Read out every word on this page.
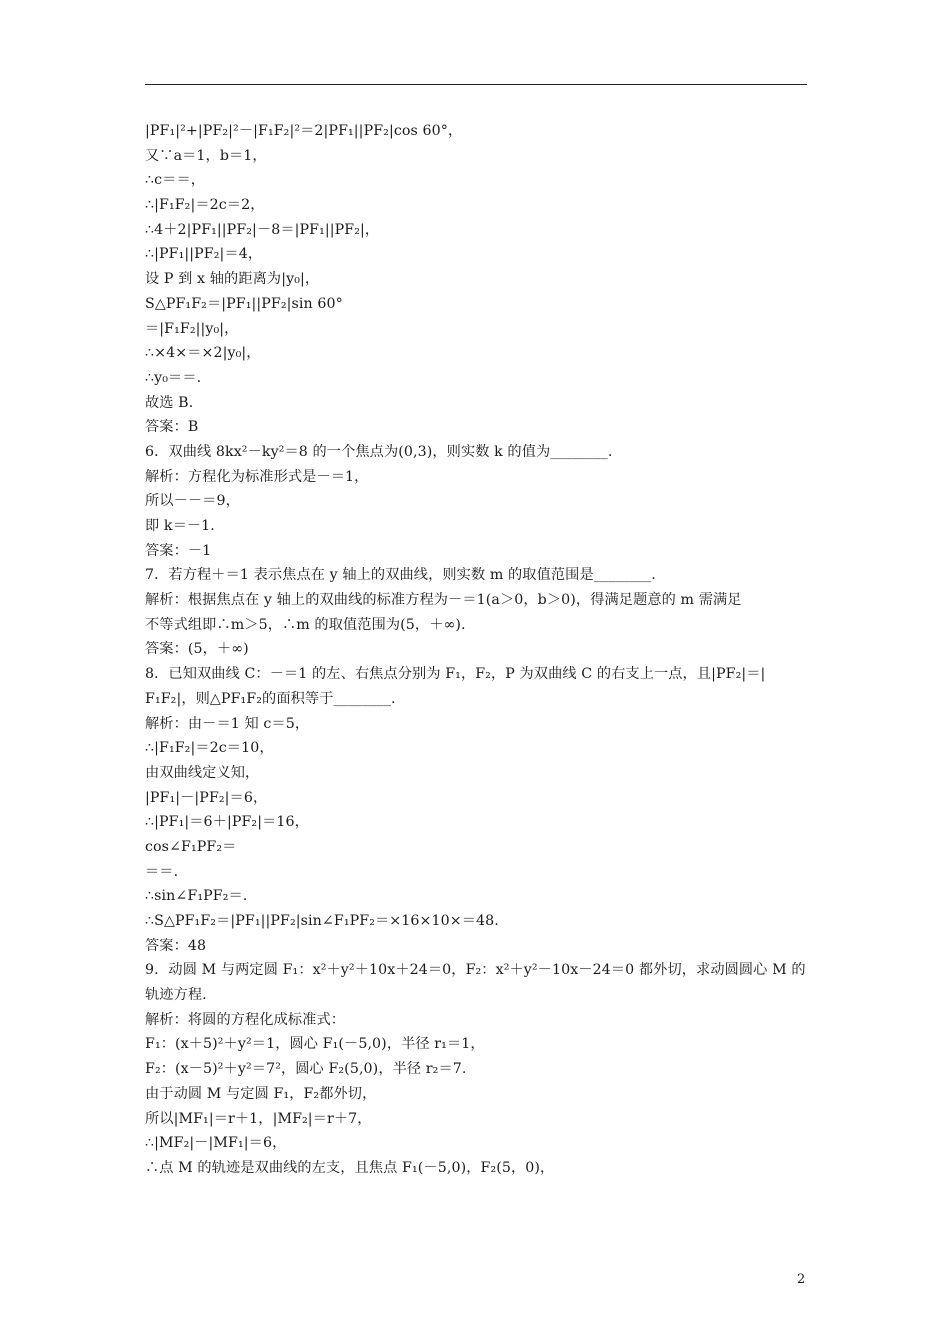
|PF₁|²+|PF₂|²－|F₁F₂|²＝2|PF₁||PF₂|cos 60°，
又∵a＝1，b＝1，
∴c＝＝，
∴|F₁F₂|＝2c＝2，
∴4＋2|PF₁||PF₂|－8＝|PF₁||PF₂|，
∴|PF₁||PF₂|＝4，
设 P 到 x 轴的距离为|y₀|，
S△PF₁F₂＝|PF₁||PF₂|sin 60°
＝|F₁F₂||y₀|，
∴×4×＝×2|y₀|，
∴y₀＝＝.
故选 B.
答案：B
6．双曲线 8kx²－ky²＝8 的一个焦点为(0,3)，则实数 k 的值为________.
解析：方程化为标准形式是－＝1，
所以－－＝9，
即 k＝－1.
答案：－1
7．若方程＋＝1 表示焦点在 y 轴上的双曲线，则实数 m 的取值范围是________.
解析：根据焦点在 y 轴上的双曲线的标准方程为－＝1(a＞0，b＞0)，得满足题意的 m 需满足
不等式组即∴m＞5，∴m 的取值范围为(5，＋∞).
答案：(5，＋∞)
8．已知双曲线 C：－＝1 的左、右焦点分别为 F₁，F₂，P 为双曲线 C 的右支上一点，且|PF₂|＝|
F₁F₂|，则△PF₁F₂的面积等于________.
解析：由－＝1 知 c＝5，
∴|F₁F₂|＝2c＝10，
由双曲线定义知，
|PF₁|－|PF₂|＝6，
∴|PF₁|＝6＋|PF₂|＝16，
cos∠F₁PF₂＝
＝＝.
∴sin∠F₁PF₂＝.
∴S△PF₁F₂＝|PF₁||PF₂|sin∠F₁PF₂＝×16×10×＝48.
答案：48
9．动圆 M 与两定圆 F₁：x²＋y²＋10x＋24＝0，F₂：x²＋y²－10x－24＝0 都外切，求动圆圆心 M 的
轨迹方程.
解析：将圆的方程化成标准式：
F₁：(x＋5)²＋y²＝1，圆心 F₁(－5,0)，半径 r₁＝1，
F₂：(x－5)²＋y²＝7²，圆心 F₂(5,0)，半径 r₂＝7.
由于动圆 M 与定圆 F₁，F₂都外切，
所以|MF₁|＝r＋1，|MF₂|＝r＋7，
∴|MF₂|－|MF₁|＝6，
∴点 M 的轨迹是双曲线的左支，且焦点 F₁(－5,0)，F₂(5，0)，
2
